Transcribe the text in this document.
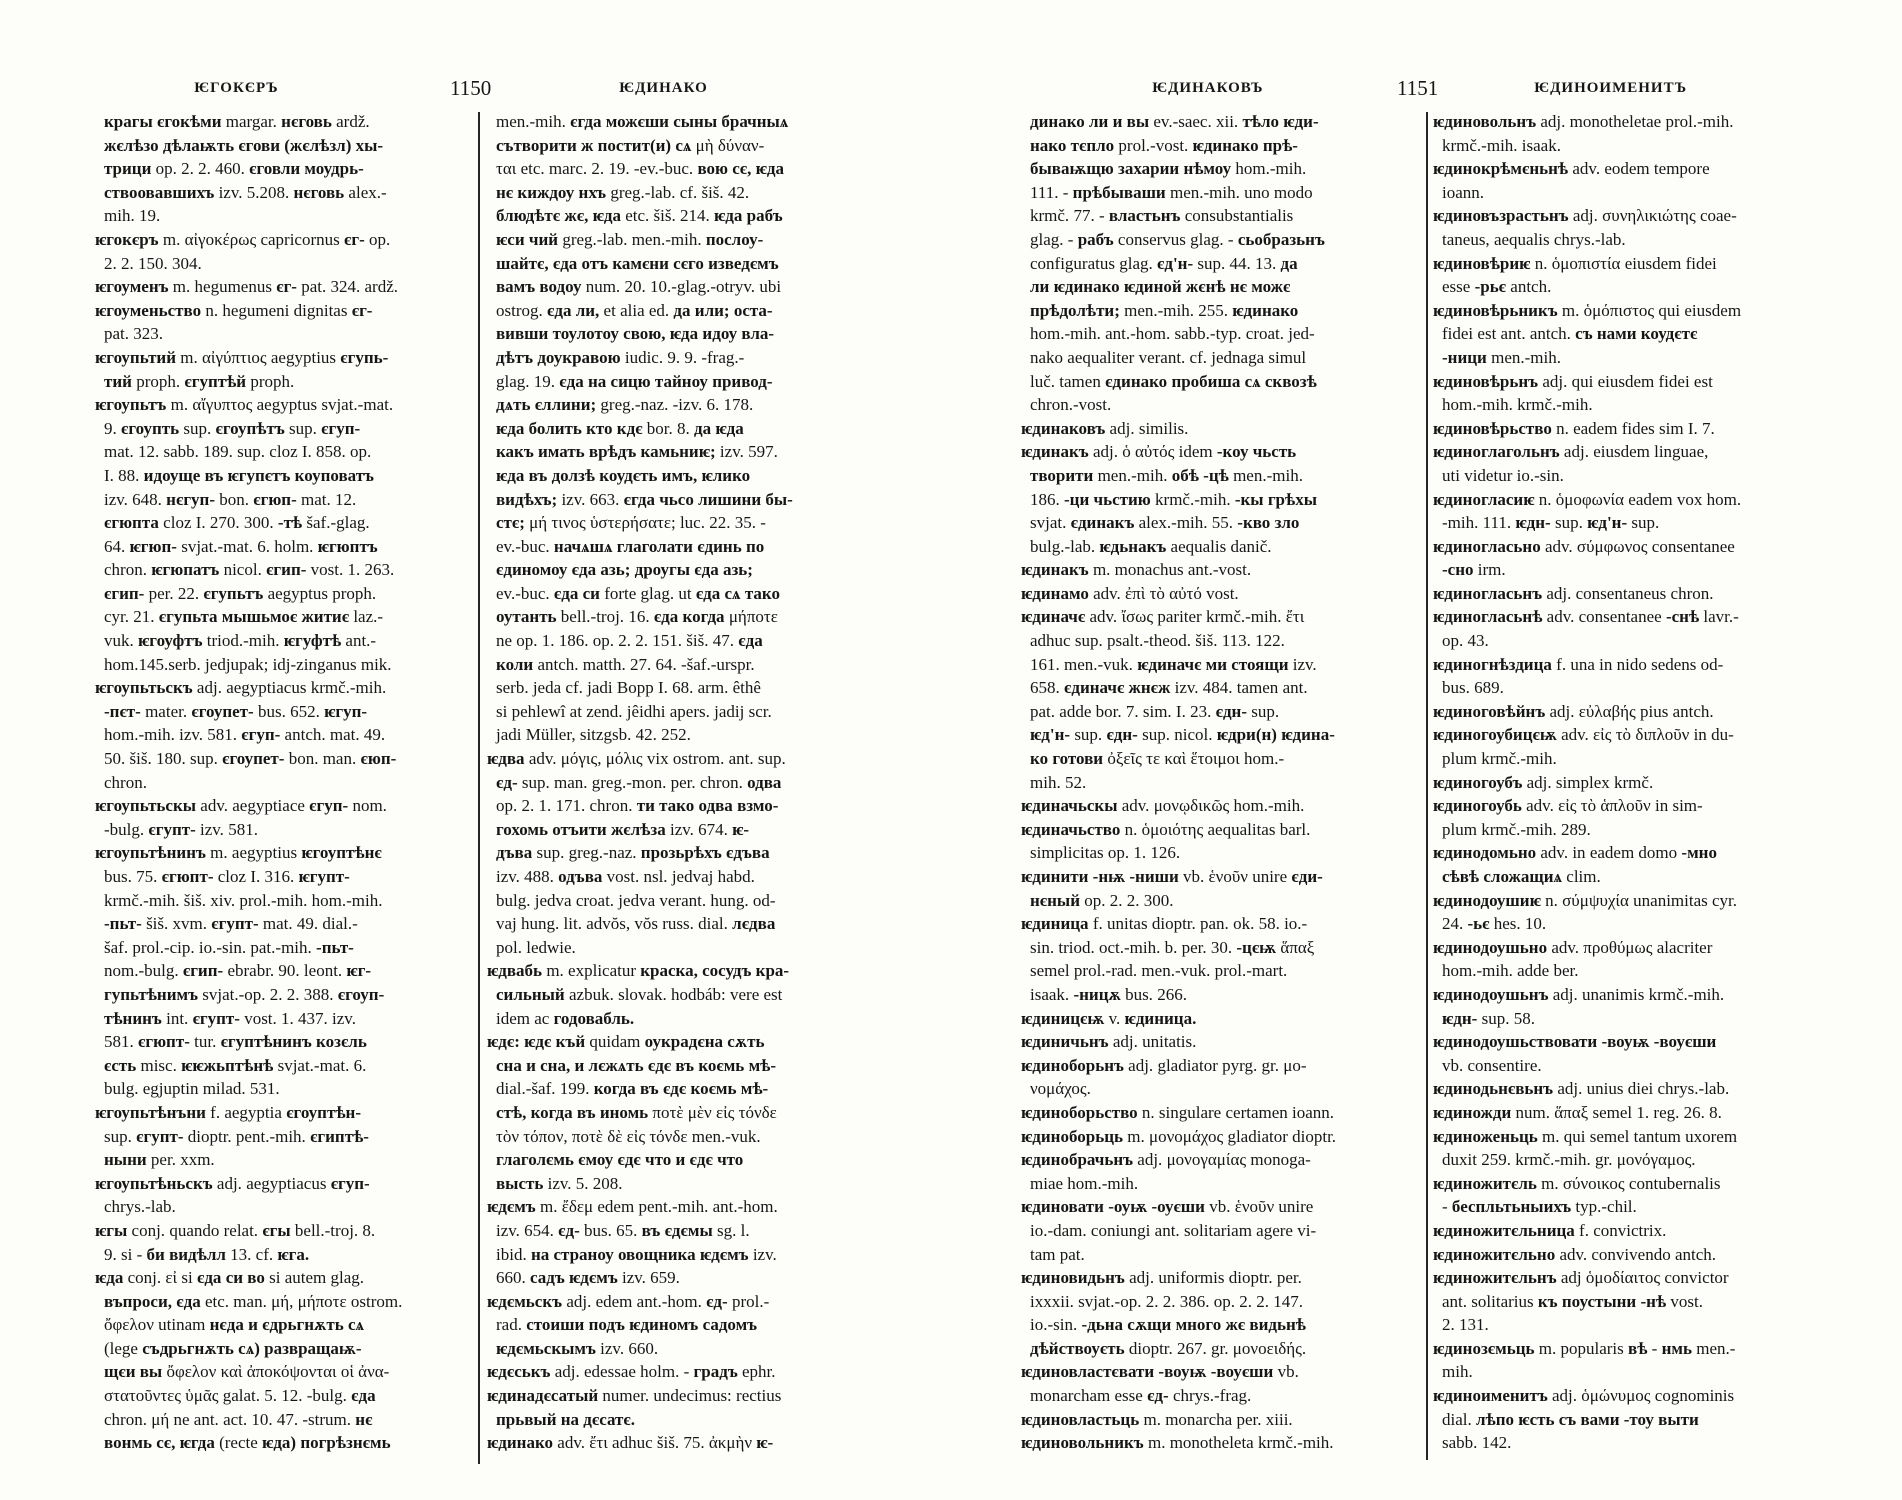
ѤГОКЄРЪ	1150	ѤДИНАКО
крагы єгокѣми margar. нєговь ardž.
жєлѣзо дѣлаѭть єгови (жєлѣзл) хы-
трици op. 2. 2. 460. єговли моудрь-
ствоовавшихъ izv. 5.208. нєговь alex.-
mih. 19.
ѥгокєръ m. αἰγοκέρως capricornus єг- op.
2. 2. 150. 304.
ѥгоуменъ m. hegumenus єг- pat. 324. ardž.
ѥгоуменьство n. hegumeni dignitas єг-
pat. 323.
ѥгоупьтий m. αἰγύπτιος aegyptius єгупь-
тий proph. єгуптѣй proph.
ѥгоупьтъ m. αἴγυπτος aegyptus svjat.-mat.
9. єгоупть sup. єгоупѣтъ sup. єгуп-
mat. 12. sabb. 189. sup. cloz I. 858. op.
I. 88. идоуще въ ѥгупєтъ коуповатъ
izv. 648. нєгуп- bon. єгюп- mat. 12.
єгюпта cloz I. 270. 300. -тѣ šaf.-glag.
64. ѥгюп- svjat.-mat. 6. holm. ѥгюптъ
chron. ѥгюпатъ nicol. єгип- vost. 1. 263.
єгип- per. 22. єгупьтъ aegyptus proph.
cyr. 21. єгупьта мышьмоє житиє laz.-
vuk. ѥгоуфтъ triod.-mih. ѥгуфтѣ ant.-
hom.145.serb. jedjupak; idj-zinganus mik.
ѥгоупьтьскъ adj. aegyptiacus krmč.-mih.
-пєт- mater. єгоупет- bus. 652. ѥгуп-
hom.-mih. izv. 581. єгуп- antch. mat. 49.
50. šiš. 180. sup. єгоупет- bon. man. єюп-
chron.
ѥгоупьтьскы adv. aegyptiace єгуп- nom.
-bulg. єгупт- izv. 581.
ѥгоупьтѣнинъ m. aegyptius ѥгоуптѣнє
bus. 75. єгюпт- cloz I. 316. ѥгупт-
krmč.-mih. šiš. xiv. prol.-mih. hom.-mih.
-пьт- šiš. xvm. єгупт- mat. 49. dial.-
šaf. prol.-cip. io.-sin. pat.-mih. -пьт-
nom.-bulg. єгип- ebrabr. 90. leont. ѥг-
гупьтѣнимъ svjat.-op. 2. 2. 388. єгоуп-
тѣнинъ int. єгупт- vost. 1. 437. izv.
581. єгюпт- tur. єгуптѣнинъ козєль
єсть misc. ѥѥжьптѣнѣ svjat.-mat. 6.
bulg. egjuptin milad. 531.
ѥгоупьтѣнъни f. aegyptia єгоуптѣн-
sup. єгупт- dioptr. pent.-mih. єгиптѣ-
ныни per. xxm.
ѥгоупьтѣньскъ adj. aegyptiacus єгуп-
chrys.-lab.
ѥгы conj. quando relat. єгы bell.-troj. 8.
9. si - би видѣлл 13. cf. ѥга.
ѥда conj. εἰ si єда си во si autem glag.
въпроси, єда etc. man. μή, μήποτε ostrom.
ὄφελον utinam нєда и єдрьгнѫть сѧ
(lege съдрьгнѫть сѧ) развращаѭ-
щєи вы ὄφελον καὶ ἀποκόψονται οἱ ἀνα-
στατοῦντες ὑμᾶς galat. 5. 12. -bulg. єда
chron. μή ne ant. act. 10. 47. -strum. нє
вонмь сє, ѥгда (recte ѥда) погрѣзнємь
men.-mih. єгда можєши сыны брачныѧ
сътворити ж постит(и) сѧ μὴ δύναν-
ται etc. marc. 2. 19. -ev.-buc. вою сє, ѥда
нє киждоу нхъ greg.-lab. cf. šiš. 42.
блюдѣтє жє, ѥда etc. šiš. 214. ѥда рабъ
ѥси чий greg.-lab. men.-mih. послоу-
шайтє, єда отъ камєни сєго изведємъ
вамъ водоу num. 20. 10.-glag.-otryv. ubi
ostrog. єда ли, et alia ed. да или; оста-
вивши тоулотоу свою, ѥда идоу вла-
дѣтъ доукравою iudic. 9. 9. -frag.-
glag. 19. єда на сицю тайноу привод-
дѧть єллини; greg.-naz. -izv. 6. 178.
ѥда болить кто кдє bor. 8. да ѥда
какъ имать врѣдъ камьниѥ; izv. 597.
ѥда въ долзѣ коудєть имъ, ѥлико
видѣхъ; izv. 663. єгда чьсо лишини бы-
стє; μή τινος ὑστερήσατε; luc. 22. 35. -
ev.-buc. начѧшѧ глаголати єдинь по
єдиномоу єда азь; дроугы єда азь;
ev.-buc. єда си forte glag. ut єда сѧ тако
оутанть bell.-troj. 16. єда когда μήποτε
ne op. 1. 186. op. 2. 2. 151. šiš. 47. єда
коли antch. matth. 27. 64. -šaf.-urspr.
serb. jeda cf. jadi Bopp I. 68. arm. êthê
si pehlewî at zend. jêidhi apers. jadij scr.
jadi Müller, sitzgsb. 42. 252.
ѥдва adv. μόγις, μόλις vix ostrom. ant. sup.
єд- sup. man. greg.-mon. per. chron. одва
op. 2. 1. 171. chron. ти тако одва взмо-
гохомь отъити жєлѣза izv. 674. ѥ-
дъва sup. greg.-naz. прозьрѣхъ єдъва
izv. 488. одъва vost. nsl. jedvaj habd.
bulg. jedva croat. jedva verant. hung. od-
vaj hung. lit. advŏs, vŏs russ. dial. лєдва
pol. ledwie.
ѥдвабь m. explicatur краска, сосудъ кра-
сильный azbuk. slovak. hodbáb: vere est
idem ac годовабль.
ѥдє: ѥдє къй quidam оукрадєна сѫть
сна и сна, и лєжѧть єдє въ коємь мѣ-
dial.-šaf. 199. когда въ єдє коємь мѣ-
стѣ, когда въ иномь ποτὲ μὲν εἰς τόνδε
τὸν τόπον, ποτὲ δὲ εἰς τόνδε men.-vuk.
глаголємь ємоу єдє что и єдє что
высть izv. 5. 208.
ѥдємъ m. ἔδεμ edem pent.-mih. ant.-hom.
izv. 654. єд- bus. 65. въ єдємы sg. l.
ibid. на страноу овощника ѥдємъ izv.
660. садъ ѥдємъ izv. 659.
ѥдємьскъ adj. edem ant.-hom. єд- prol.-
rad. стоиши подъ ѥдиномъ садомъ
ѥдємьскымъ izv. 660.
ѥдєськъ adj. edessae holm. - градъ ephr.
ѥдинадєсатый numer. undecimus: rectius
прьвый на дєсатє.
ѥдинако adv. ἔτι adhuc šiš. 75. ἀκμὴν ѥ-
ѤДИНАКОВЪ	1151	ѤДИНОИМЕНИТЪ
динако ли и вы ev.-saec. xii. тѣло ѥди-
нако тєпло prol.-vost. ѥдинако прѣ-
бываѭщю захарии нѣмоу hom.-mih.
111. - прѣбываши men.-mih. uno modo
krmč. 77. - властьнъ consubstantialis
glag. - рабъ conservus glag. - сьобразьнъ
configuratus glag. єд'н- sup. 44. 13. да
ли ѥдинако ѥдиной жєнѣ нє можє
прѣдолѣти; men.-mih. 255. ѥдинако
hom.-mih. ant.-hom. sabb.-typ. croat. jed-
nako aequaliter verant. cf. jednaga simul
luč. tamen єдинако пробиша сѧ сквозѣ
chron.-vost.
ѥдинаковъ adj. similis.
ѥдинакъ adj. ὁ αὐτός idem -коу чьсть
творити men.-mih. обѣ -цѣ men.-mih.
186. -ци чьстию krmč.-mih. -кы грѣхы
svjat. єдинакъ alex.-mih. 55. -кво зло
bulg.-lab. ѥдьнакъ aequalis danič.
ѥдинакъ m. monachus ant.-vost.
ѥдинамо adv. ἐπὶ τὸ αὐτό vost.
ѥдиначє adv. ἴσως pariter krmč.-mih. ἔτι
adhuc sup. psalt.-theod. šiš. 113. 122.
161. men.-vuk. ѥдиначє ми стоящи izv.
658. єдиначє жнєж izv. 484. tamen ant.
pat. adde bor. 7. sim. I. 23. єдн- sup.
ѥд'н- sup. єдн- sup. nicol. ѥдри(н) ѥдина-
ко готови ὀξεῖς τε καὶ ἕτοιμοι hom.-
mih. 52.
ѥдиначьскы adv. μονῳδικῶς hom.-mih.
ѥдиначьство n. ὁμοιότης aequalitas barl.
simplicitas op. 1. 126.
ѥдинити -нѭ -ниши vb. ἑνοῦν unire єди-
нєный op. 2. 2. 300.
ѥдиница f. unitas dioptr. pan. ok. 58. io.-
sin. triod. oct.-mih. b. per. 30. -цєѭ ἅπαξ
semel prol.-rad. men.-vuk. prol.-mart.
isaak. -ницѫ bus. 266.
ѥдиницєѭ v. ѥдиница.
ѥдиничьнъ adj. unitatis.
ѥдиноборьнъ adj. gladiator pyrg. gr. μο-
νομάχος.
ѥдиноборьство n. singulare certamen ioann.
ѥдиноборьць m. μονομάχος gladiator dioptr.
ѥдинобрачьнъ adj. μονογαμίας monoga-
miae hom.-mih.
ѥдиновати -оуѭ -оуєши vb. ἑνοῦν unire
io.-dam. coniungi ant. solitariam agere vi-
tam pat.
ѥдиновидьнъ adj. uniformis dioptr. per.
ixxxii. svjat.-op. 2. 2. 386. op. 2. 2. 147.
io.-sin. -дьна сѫщи много жє видьнѣ
дѣйствоуєть dioptr. 267. gr. μονοειδής.
ѥдиновластєвати -воуѭ -воуєши vb.
monarcham esse єд- chrys.-frag.
ѥдиновластьць m. monarcha per. xiii.
ѥдиновольникъ m. monotheleta krmč.-mih.
ѥдиновольнъ adj. monotheletae prol.-mih.
krmč.-mih. isaak.
ѥдинокрѣмєньнѣ adv. eodem tempore
ioann.
ѥдиновъзрастьнъ adj. συνηλικιώτης coae-
taneus, aequalis chrys.-lab.
ѥдиновѣриѥ n. ὁμοπιστία eiusdem fidei
esse -рьє antch.
ѥдиновѣрьникъ m. ὁμόπιστος qui eiusdem
fidei est ant. antch. съ нами коудєтє
-ници men.-mih.
ѥдиновѣрьнъ adj. qui eiusdem fidei est
hom.-mih. krmč.-mih.
ѥдиновѣрьство n. eadem fides sim I. 7.
ѥдиноглагольнъ adj. eiusdem linguae,
uti videtur io.-sin.
ѥдиногласиѥ n. ὁμοφωνία eadem vox hom.
-mih. 111. ѥдн- sup. ѥд'н- sup.
ѥдиногласьно adv. σύμφωνος consentanee
-сно irm.
ѥдиногласьнъ adj. consentaneus chron.
ѥдиногласьнѣ adv. consentanee -снѣ lavr.-
op. 43.
ѥдиногнѣздица f. una in nido sedens οd-
bus. 689.
ѥдиноговѣйнъ adj. εὐλαβής pius antch.
ѥдиногоубицєѭ adv. εἰς τὸ διπλοῦν in du-
plum krmč.-mih.
ѥдиногоубъ adj. simplex krmč.
ѥдиногоубь adv. εἰς τὸ ἁπλοῦν in sim-
plum krmč.-mih. 289.
ѥдинодомьно adv. in eadem domo -мно
сѣвѣ сложащиѧ clim.
ѥдинодоушиѥ n. σύμψυχία unanimitas cyr.
24. -ьє hes. 10.
ѥдинодоушьно adv. προθύμως alacriter
hom.-mih. adde ber.
ѥдинодоушьнъ adj. unanimis krmč.-mih.
ѥдн- sup. 58.
ѥдинодоушьствовати -воуѭ -воуєши
vb. consentire.
ѥдинодьнєвьнъ adj. unius diei chrys.-lab.
ѥдиножди num. ἅπαξ semel 1. reg. 26. 8.
ѥдиноженьць m. qui semel tantum uxorem
duxit 259. krmč.-mih. gr. μονόγαμος.
ѥдиножитєль m. σύνοικος contubernalis
- беспльтьныихъ typ.-chil.
ѥдиножитєльница f. convictrix.
ѥдиножитєльно adv. convivendo antch.
ѥдиножитєльнъ adj ὁμοδίαιτος convictor
ant. solitarius къ поустыни -нѣ vost.
2. 131.
ѥдинозємьць m. popularis вѣ - нмь men.-
mih.
ѥдиноименитъ adj. ὁμώνυμος cognominis
dial. лѣпо ѥсть съ вами -тоу выти
sabb. 142.
